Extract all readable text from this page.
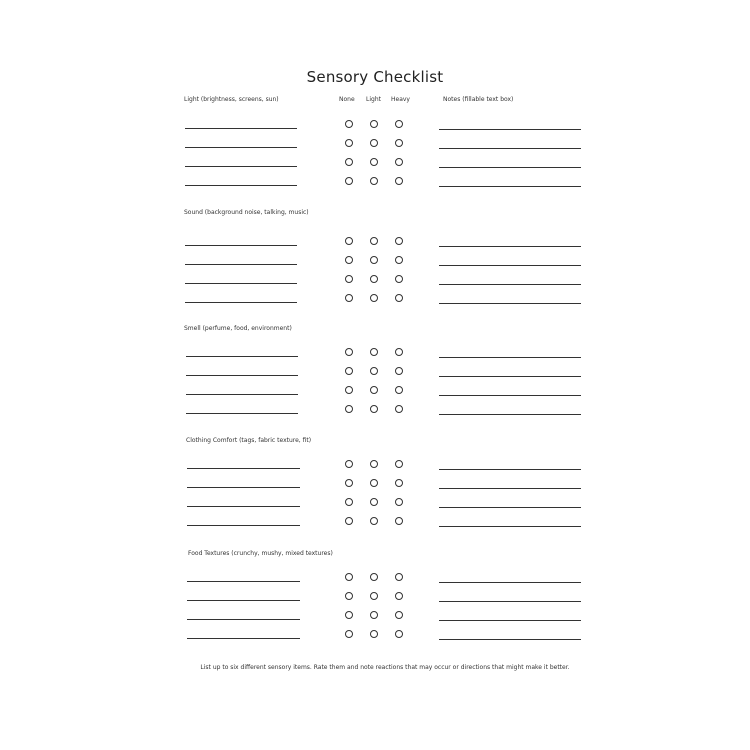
Sensory Checklist
None Light Heavy	Notes (fillable text box)
Light (brightness, screens, sun)
Sound (background noise, talking, music)
Smell (perfume, food, environment)
Clothing Comfort (tags, fabric texture, fit)
Food Textures (crunchy, mushy, mixed textures)
List up to six different sensory items. Rate them and note reactions that may occur or directions that might make it better.
